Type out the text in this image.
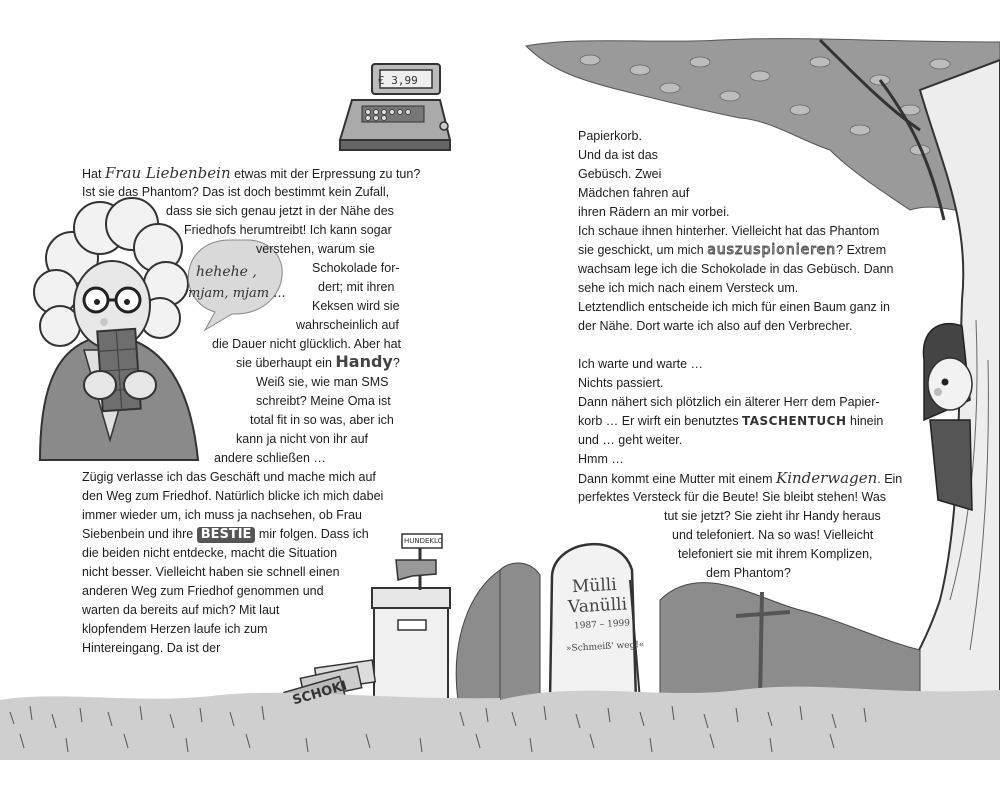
hehehe ,
mjam, mjam ...
€ 3,99
HUNDEKLO
SCHOKI
Hat Frau Liebenbein etwas mit der Erpressung zu tun?
Ist sie das Phantom? Das ist doch bestimmt kein Zufall,
dass sie sich genau jetzt in der Nähe des
Friedhofs herumtreibt! Ich kann sogar
verstehen, warum sie
Schokolade for-
dert; mit ihren
Keksen wird sie
wahrscheinlich auf
die Dauer nicht glücklich. Aber hat
sie überhaupt ein Handy?
Weiß sie, wie man SMS
schreibt? Meine Oma ist
total fit in so was, aber ich
kann ja nicht von ihr auf
andere schließen …
Zügig verlasse ich das Geschäft und mache mich auf
den Weg zum Friedhof. Natürlich blicke ich mich dabei
immer wieder um, ich muss ja nachsehen, ob Frau
Siebenbein und ihre BESTIE mir folgen. Dass ich
die beiden nicht entdecke, macht die Situation
nicht besser. Vielleicht haben sie schnell einen
anderen Weg zum Friedhof genommen und
warten da bereits auf mich? Mit laut
klopfendem Herzen laufe ich zum
Hintereingang. Da ist der
Mülli
Vanülli
1987 – 1999
»Schmeiß' weg!«
Papierkorb.
Und da ist das
Gebüsch. Zwei
Mädchen fahren auf
ihren Rädern an mir vorbei.
Ich schaue ihnen hinterher. Vielleicht hat das Phantom
sie geschickt, um mich auszuspionieren? Extrem
wachsam lege ich die Schokolade in das Gebüsch. Dann
sehe ich mich nach einem Versteck um.
Letztendlich entscheide ich mich für einen Baum ganz in
der Nähe. Dort warte ich also auf den Verbrecher.
Ich warte und warte …
Nichts passiert.
Dann nähert sich plötzlich ein älterer Herr dem Papier-
korb … Er wirft ein benutztes TASCHENTUCH hinein
und … geht weiter.
Hmm …
Dann kommt eine Mutter mit einem Kinderwagen. Ein
perfektes Versteck für die Beute! Sie bleibt stehen! Was
tut sie jetzt? Sie zieht ihr Handy heraus
und telefoniert. Na so was! Vielleicht
telefoniert sie mit ihrem Komplizen,
dem Phantom?
